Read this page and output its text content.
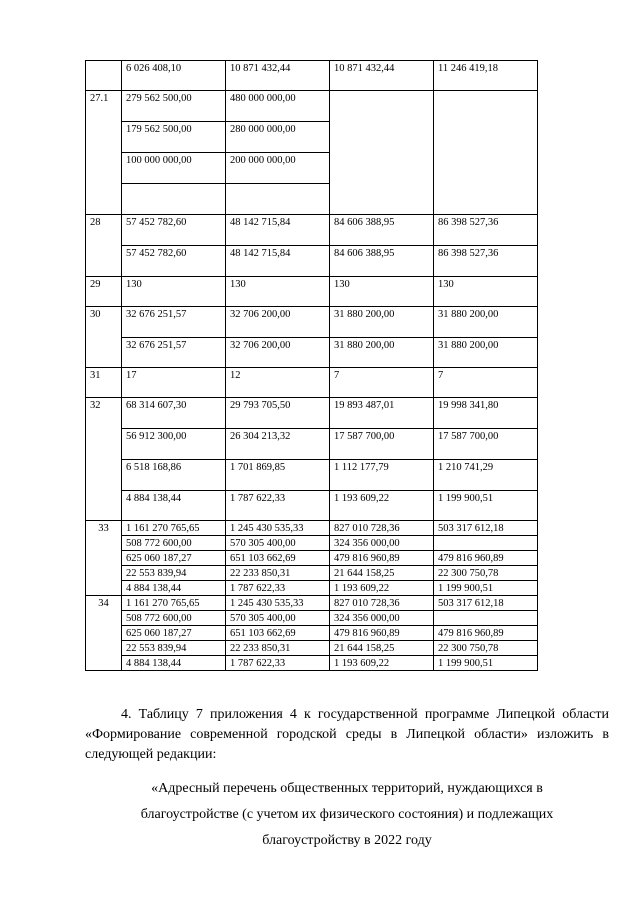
	6 026 408,10	10 871 432,44	10 871 432,44	11 246 419,18
27.1	279 562 500,00	480 000 000,00		
	179 562 500,00	280 000 000,00		
	100 000 000,00	200 000 000,00		

28	57 452 782,60	48 142 715,84	84 606 388,95	86 398 527,36
	57 452 782,60	48 142 715,84	84 606 388,95	86 398 527,36
29	130	130	130	130
30	32 676 251,57	32 706 200,00	31 880 200,00	31 880 200,00
	32 676 251,57	32 706 200,00	31 880 200,00	31 880 200,00
31	17	12	7	7
32	68 314 607,30	29 793 705,50	19 893 487,01	19 998 341,80
	56 912 300,00	26 304 213,32	17 587 700,00	17 587 700,00
	6 518 168,86	1 701 869,85	1 112 177,79	1 210 741,29
	4 884 138,44	1 787 622,33	1 193 609,22	1 199 900,51
33	1 161 270 765,65	1 245 430 535,33	827 010 728,36	503 317 612,18
	508 772 600,00	570 305 400,00	324 356 000,00	
	625 060 187,27	651 103 662,69	479 816 960,89	479 816 960,89
	22 553 839,94	22 233 850,31	21 644 158,25	22 300 750,78
	4 884 138,44	1 787 622,33	1 193 609,22	1 199 900,51
34	1 161 270 765,65	1 245 430 535,33	827 010 728,36	503 317 612,18
	508 772 600,00	570 305 400,00	324 356 000,00	
	625 060 187,27	651 103 662,69	479 816 960,89	479 816 960,89
	22 553 839,94	22 233 850,31	21 644 158,25	22 300 750,78
	4 884 138,44	1 787 622,33	1 193 609,22	1 199 900,51
4. Таблицу 7 приложения 4 к государственной программе Липецкой области «Формирование современной городской среды в Липецкой области» изложить в следующей редакции:
«Адресный перечень общественных территорий, нуждающихся в
благоустройстве (с учетом их физического состояния) и подлежащих
благоустройству в 2022 году
